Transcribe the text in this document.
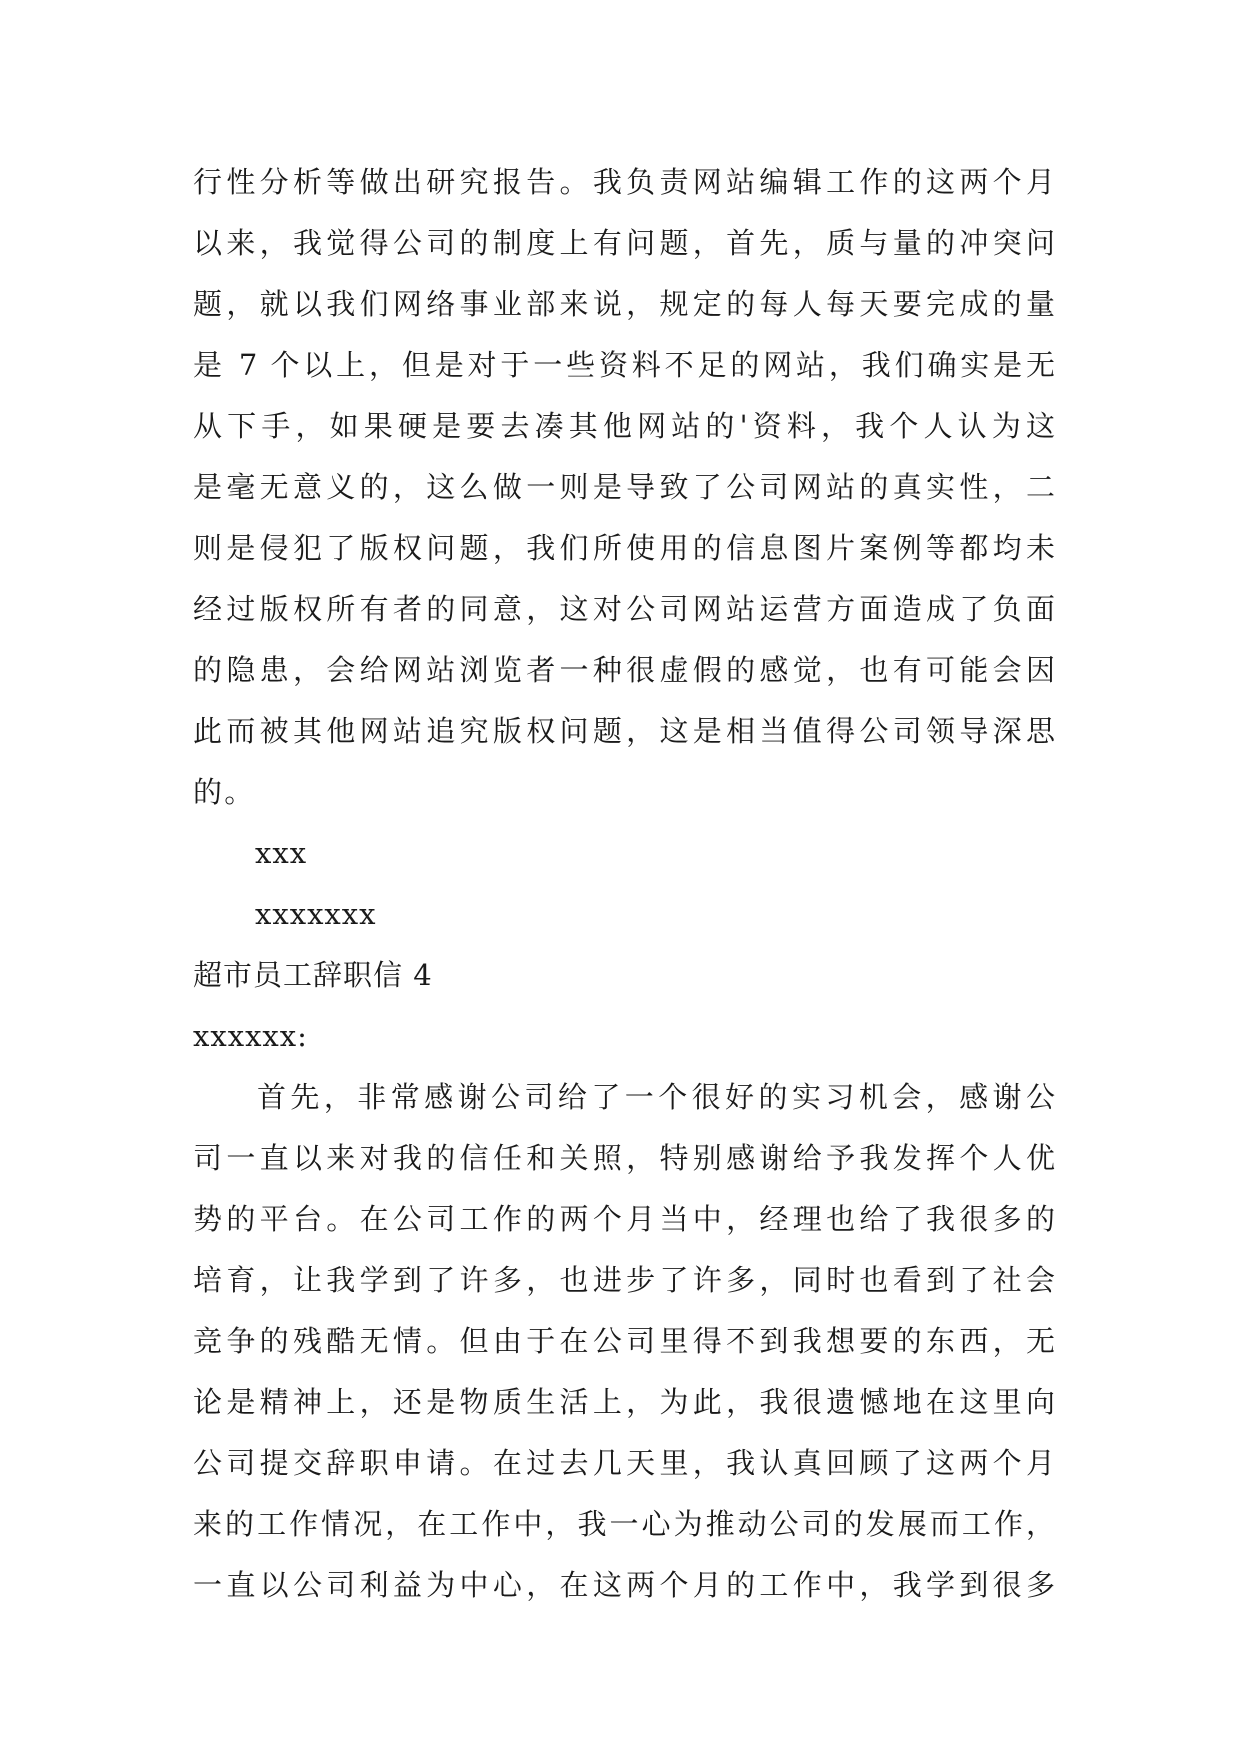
行性分析等做出研究报告。我负责网站编辑工作的这两个月
以来，我觉得公司的制度上有问题，首先，质与量的冲突问
题，就以我们网络事业部来说，规定的每人每天要完成的量
是 7 个以上，但是对于一些资料不足的网站，我们确实是无
从下手，如果硬是要去凑其他网站的'资料，我个人认为这
是毫无意义的，这么做一则是导致了公司网站的真实性，二
则是侵犯了版权问题，我们所使用的信息图片案例等都均未
经过版权所有者的同意，这对公司网站运营方面造成了负面
的隐患，会给网站浏览者一种很虚假的感觉，也有可能会因
此而被其他网站追究版权问题，这是相当值得公司领导深思
的。
xxx
xxxxxxx
超市员工辞职信 4
xxxxxx:
首先，非常感谢公司给了一个很好的实习机会，感谢公
司一直以来对我的信任和关照，特别感谢给予我发挥个人优
势的平台。在公司工作的两个月当中，经理也给了我很多的
培育，让我学到了许多，也进步了许多，同时也看到了社会
竞争的残酷无情。但由于在公司里得不到我想要的东西，无
论是精神上，还是物质生活上，为此，我很遗憾地在这里向
公司提交辞职申请。在过去几天里，我认真回顾了这两个月
来的工作情况，在工作中，我一心为推动公司的发展而工作，
一直以公司利益为中心，在这两个月的工作中，我学到很多
